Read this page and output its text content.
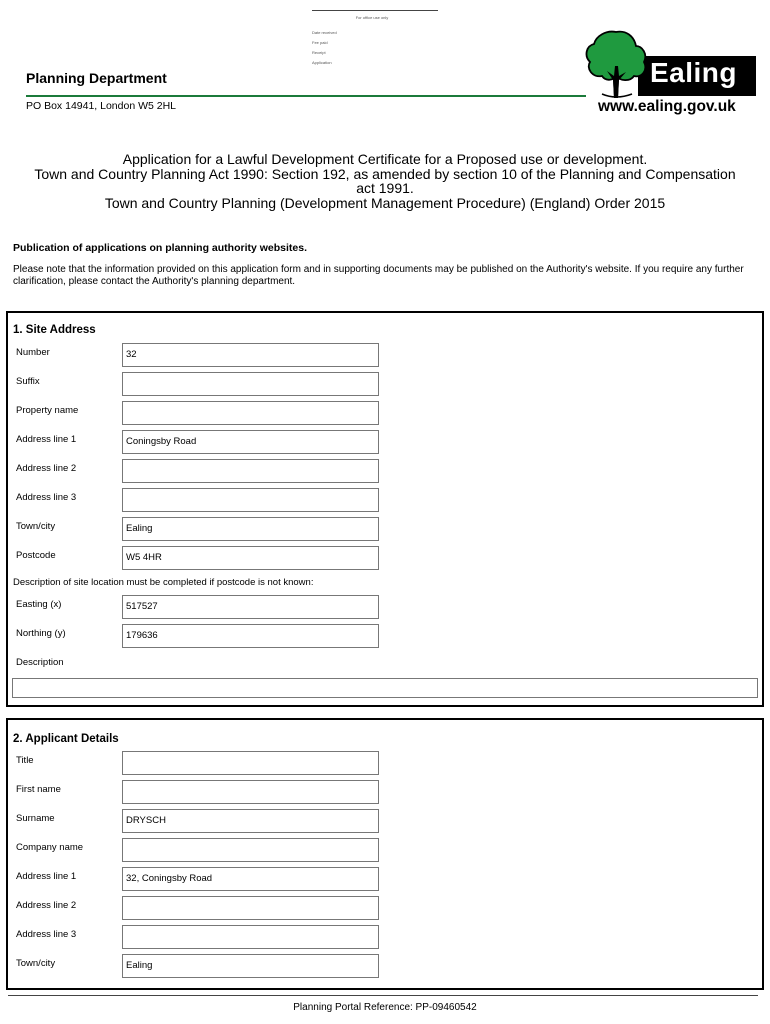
For office use only
Date received
Fee paid
Receipt
Application
Planning Department
PO Box 14941, London W5 2HL
Ealing
www.ealing.gov.uk
Application for a Lawful Development Certificate for a Proposed use or development.
Town and Country Planning Act 1990: Section 192, as amended by section 10 of the Planning and Compensation act 1991.
Town and Country Planning (Development Management Procedure) (England) Order 2015
Publication of applications on planning authority websites.
Please note that the information provided on this application form and in supporting documents may be published on the Authority's website. If you require any further clarification, please contact the Authority's planning department.
1. Site Address
Number	32
Suffix
Property name
Address line 1	Coningsby Road
Address line 2
Address line 3
Town/city	Ealing
Postcode	W5 4HR
Description of site location must be completed if postcode is not known:
Easting (x)	517527
Northing (y)	179636
Description
2. Applicant Details
Title
First name
Surname	DRYSCH
Company name
Address line 1	32, Coningsby Road
Address line 2
Address line 3
Town/city	Ealing
Planning Portal Reference: PP-09460542
